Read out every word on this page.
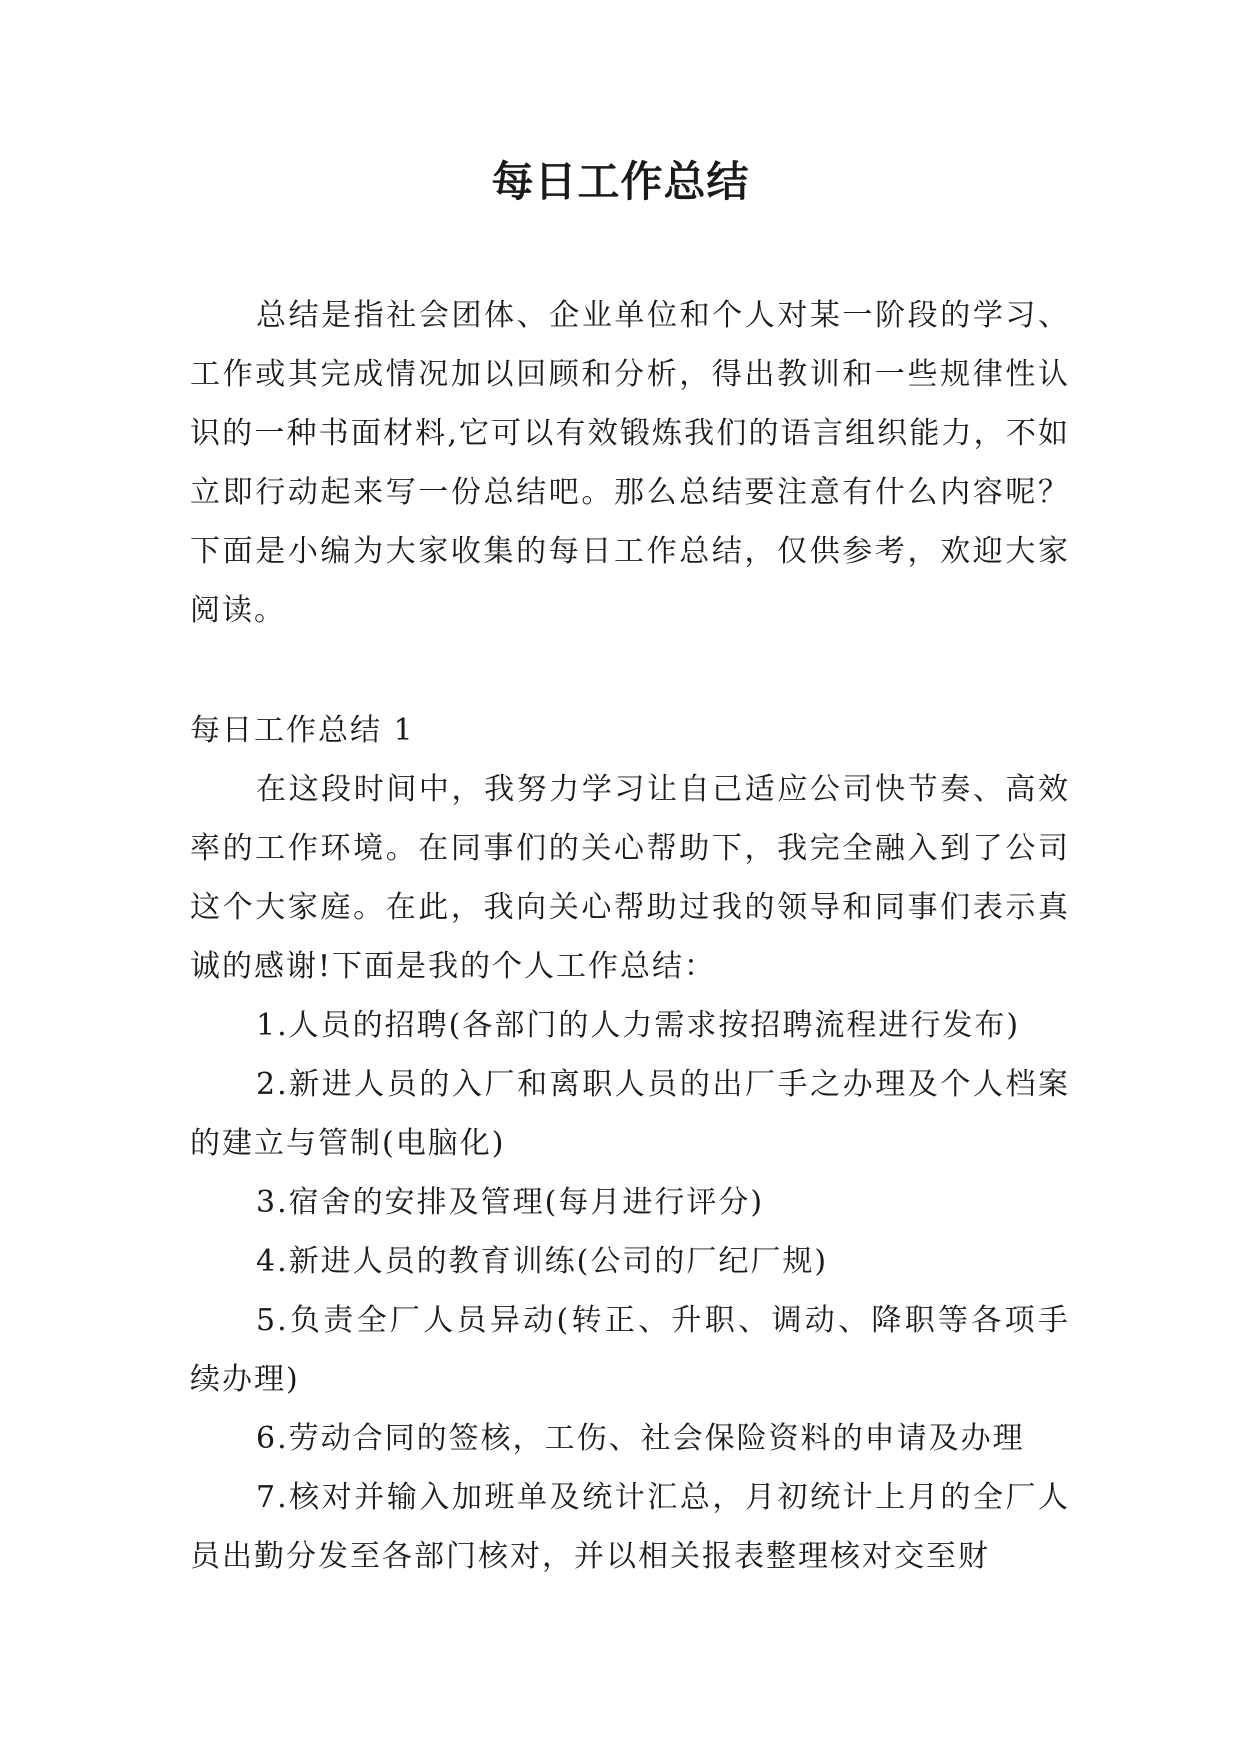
每日工作总结

总结是指社会团体、企业单位和个人对某一阶段的学习、工作或其完成情况加以回顾和分析，得出教训和一些规律性认识的一种书面材料,它可以有效锻炼我们的语言组织能力，不如立即行动起来写一份总结吧。那么总结要注意有什么内容呢？下面是小编为大家收集的每日工作总结，仅供参考，欢迎大家阅读。

每日工作总结 1

在这段时间中，我努力学习让自己适应公司快节奏、高效率的工作环境。在同事们的关心帮助下，我完全融入到了公司这个大家庭。在此，我向关心帮助过我的领导和同事们表示真诚的感谢!下面是我的个人工作总结：

1.人员的招聘(各部门的人力需求按招聘流程进行发布)

2.新进人员的入厂和离职人员的出厂手之办理及个人档案的建立与管制(电脑化)

3.宿舍的安排及管理(每月进行评分)

4.新进人员的教育训练(公司的厂纪厂规)

5.负责全厂人员异动(转正、升职、调动、降职等各项手续办理)

6.劳动合同的签核，工伤、社会保险资料的申请及办理

7.核对并输入加班单及统计汇总，月初统计上月的全厂人员出勤分发至各部门核对，并以相关报表整理核对交至财
